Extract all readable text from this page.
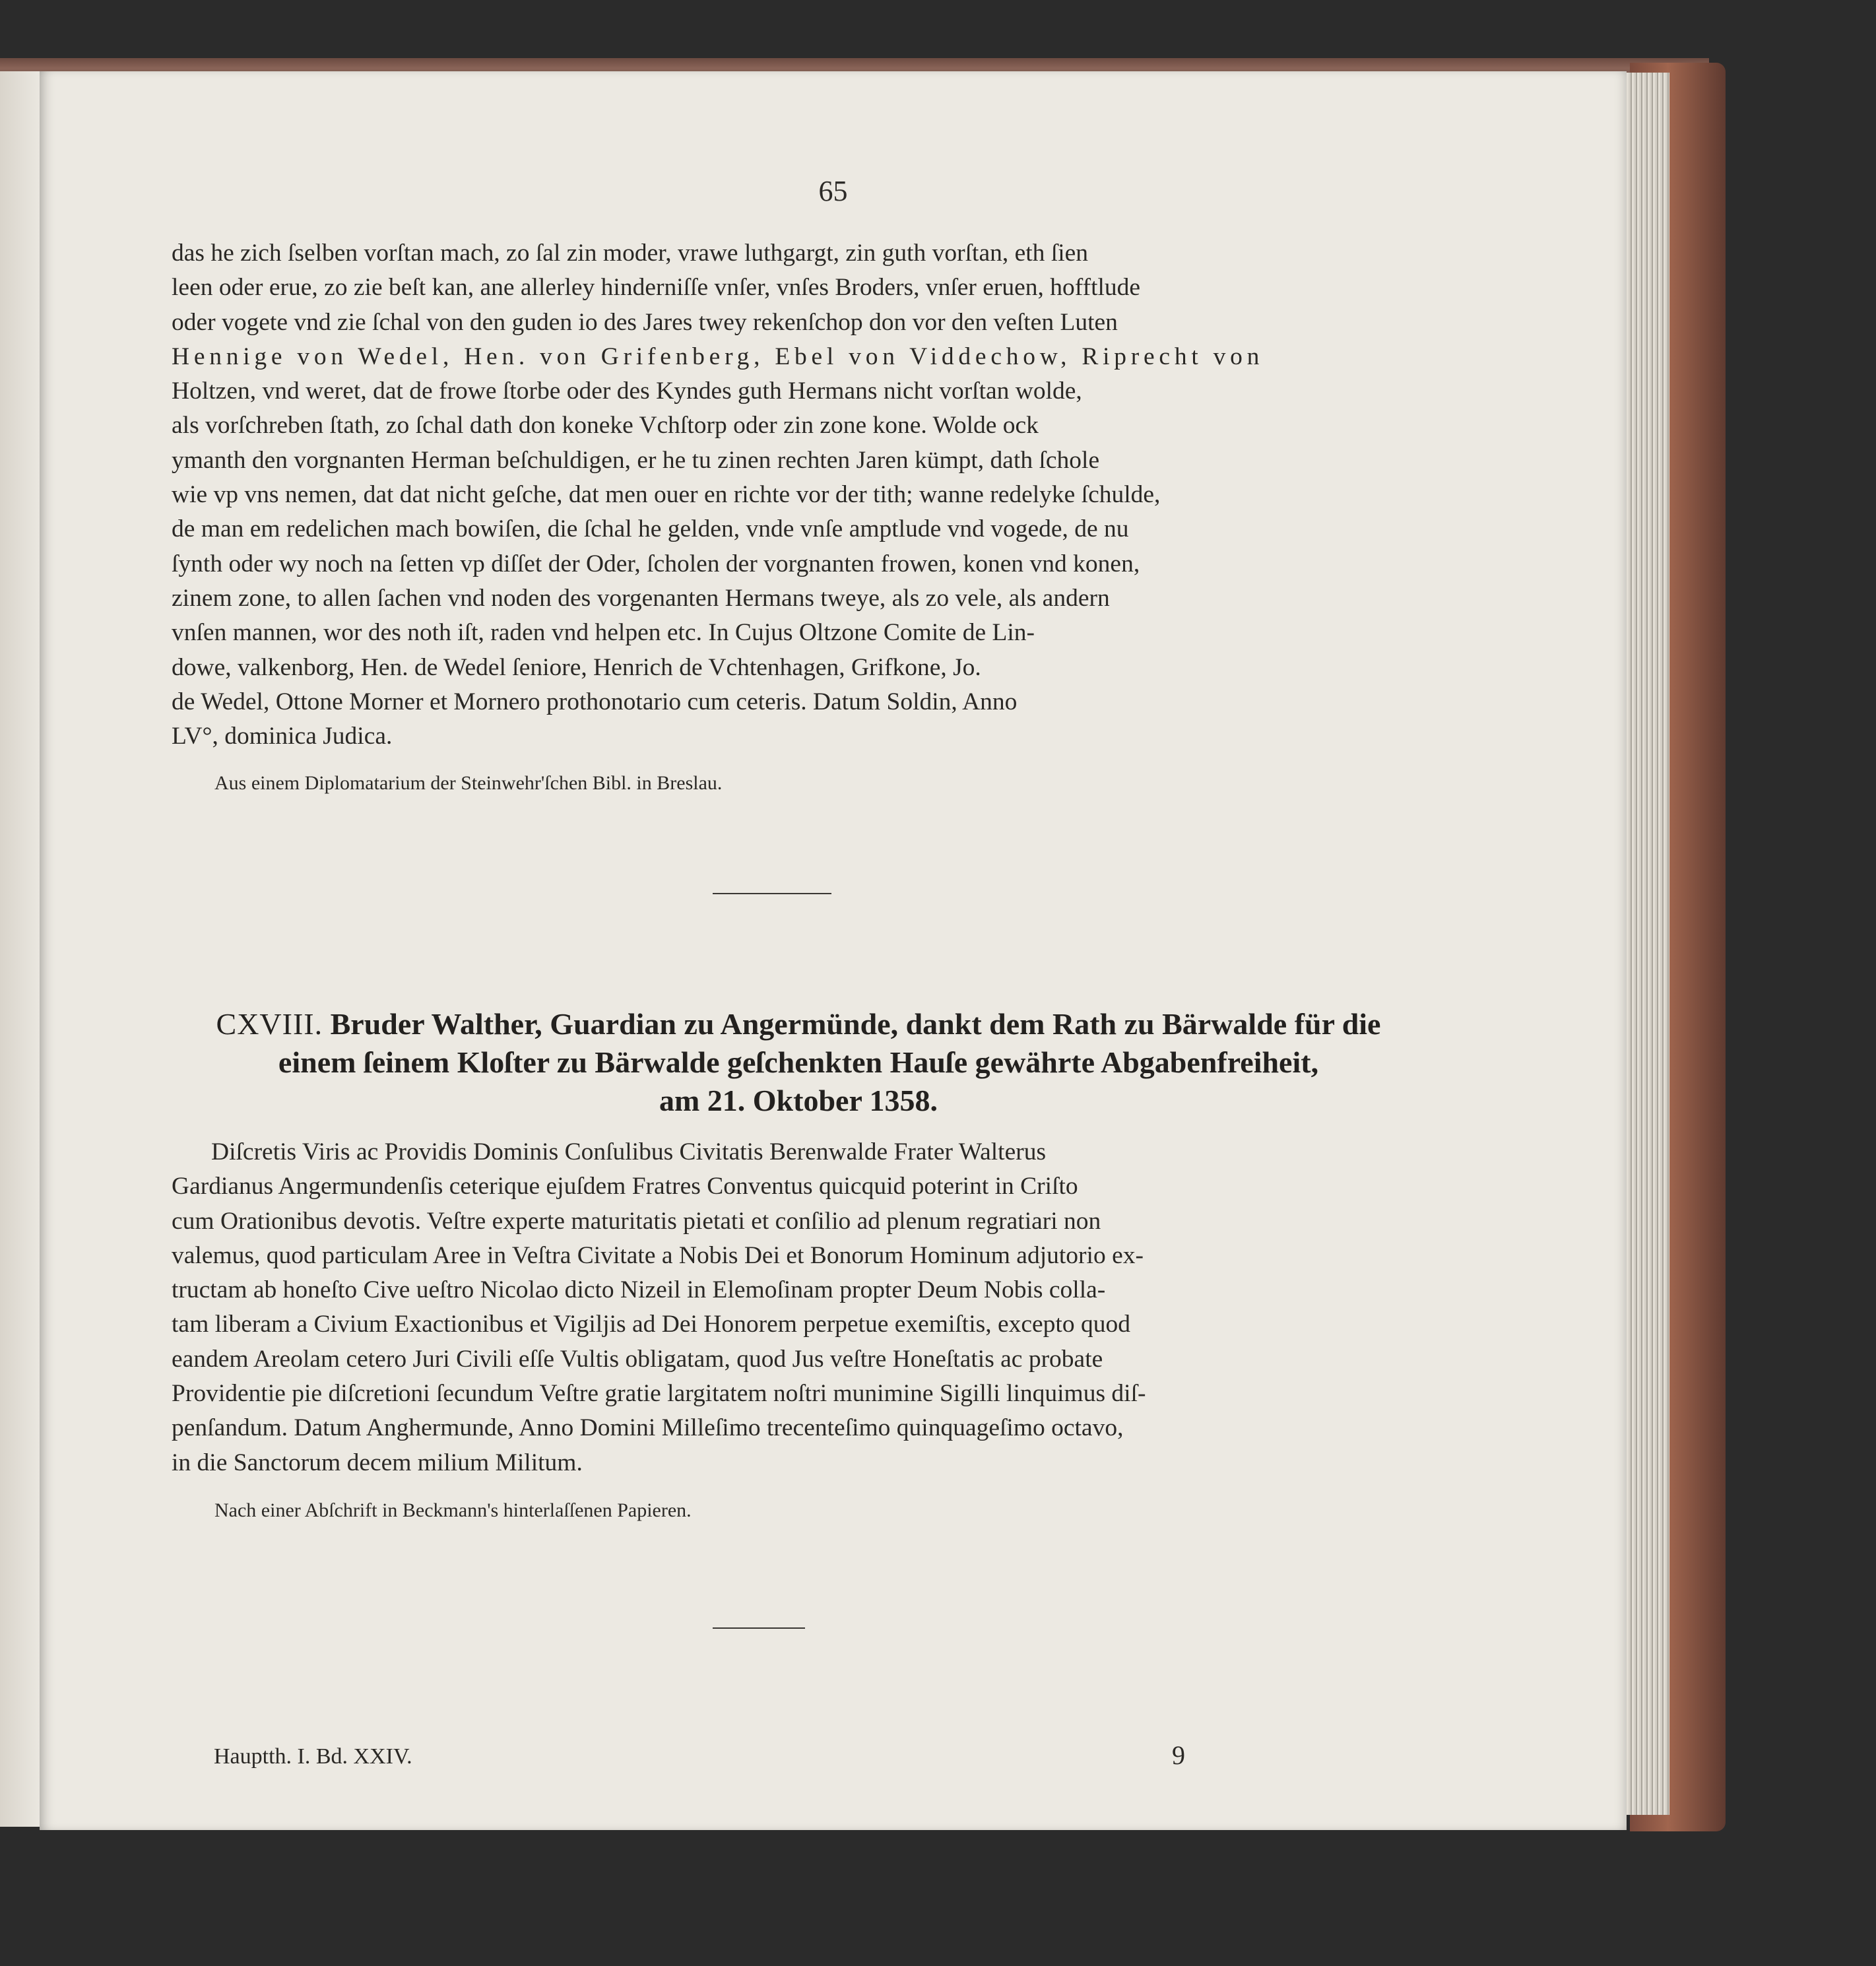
65

das he zich ſselben vorſtan mach, zo ſal zin moder, vrawe luthgargt, zin guth vorſtan, eth ſien

leen oder erue, zo zie beſt kan, ane allerley hinderniſſe vnſer, vnſes Broders, vnſer eruen, hofftlude

oder vogete vnd zie ſchal von den guden io des Jares twey rekenſchop don vor den veſten Luten

Hennige von Wedel, Hen. von Grifenberg, Ebel von Viddechow, Riprecht von

Holtzen, vnd weret, dat de frowe ſtorbe oder des Kyndes guth Hermans nicht vorſtan wolde,

als vorſchreben ſtath, zo ſchal dath don koneke Vchſtorp oder zin zone kone. Wolde ock

ymanth den vorgnanten Herman beſchuldigen, er he tu zinen rechten Jaren kümpt, dath ſchole

wie vp vns nemen, dat dat nicht geſche, dat men ouer en richte vor der tith; wanne redelyke ſchulde,

de man em redelichen mach bowiſen, die ſchal he gelden, vnde vnſe amptlude vnd vogede, de nu

ſynth oder wy noch na ſetten vp diſſet der Oder, ſcholen der vorgnanten frowen, konen vnd konen,

zinem zone, to allen ſachen vnd noden des vorgenanten Hermans tweye, als zo vele, als andern

vnſen mannen, wor des noth iſt, raden vnd helpen etc. In Cujus Oltzone Comite de Lin-

dowe, valkenborg, Hen. de Wedel ſeniore, Henrich de Vchtenhagen, Grifkone, Jo.

de Wedel, Ottone Morner et Mornero prothonotario cum ceteris. Datum Soldin, Anno

LV°, dominica Judica.

Aus einem Diplomatarium der Steinwehr'ſchen Bibl. in Breslau.
CXVIII. Bruder Walther, Guardian zu Angermünde, dankt dem Rath zu Bärwalde für die
einem ſeinem Kloſter zu Bärwalde geſchenkten Hauſe gewährte Abgabenfreiheit,
am 21. Oktober 1358.

Diſcretis Viris ac Providis Dominis Conſulibus Civitatis Berenwalde Frater Walterus

Gardianus Angermundenſis ceterique ejuſdem Fratres Conventus quicquid poterint in Criſto

cum Orationibus devotis. Veſtre experte maturitatis pietati et conſilio ad plenum regratiari non

valemus, quod particulam Aree in Veſtra Civitate a Nobis Dei et Bonorum Hominum adjutorio ex-

tructam ab honeſto Cive ueſtro Nicolao dicto Nizeil in Elemoſinam propter Deum Nobis colla-

tam liberam a Civium Exactionibus et Vigiljis ad Dei Honorem perpetue exemiſtis, excepto quod

eandem Areolam cetero Juri Civili eſſe Vultis obligatam, quod Jus veſtre Honeſtatis ac probate

Providentie pie diſcretioni ſecundum Veſtre gratie largitatem noſtri munimine Sigilli linquimus diſ-

penſandum. Datum Anghermunde, Anno Domini Milleſimo trecenteſimo quinquageſimo octavo,

in die Sanctorum decem milium Militum.

Nach einer Abſchrift in Beckmann's hinterlaſſenen Papieren.
Hauptth. I. Bd. XXIV.	9
